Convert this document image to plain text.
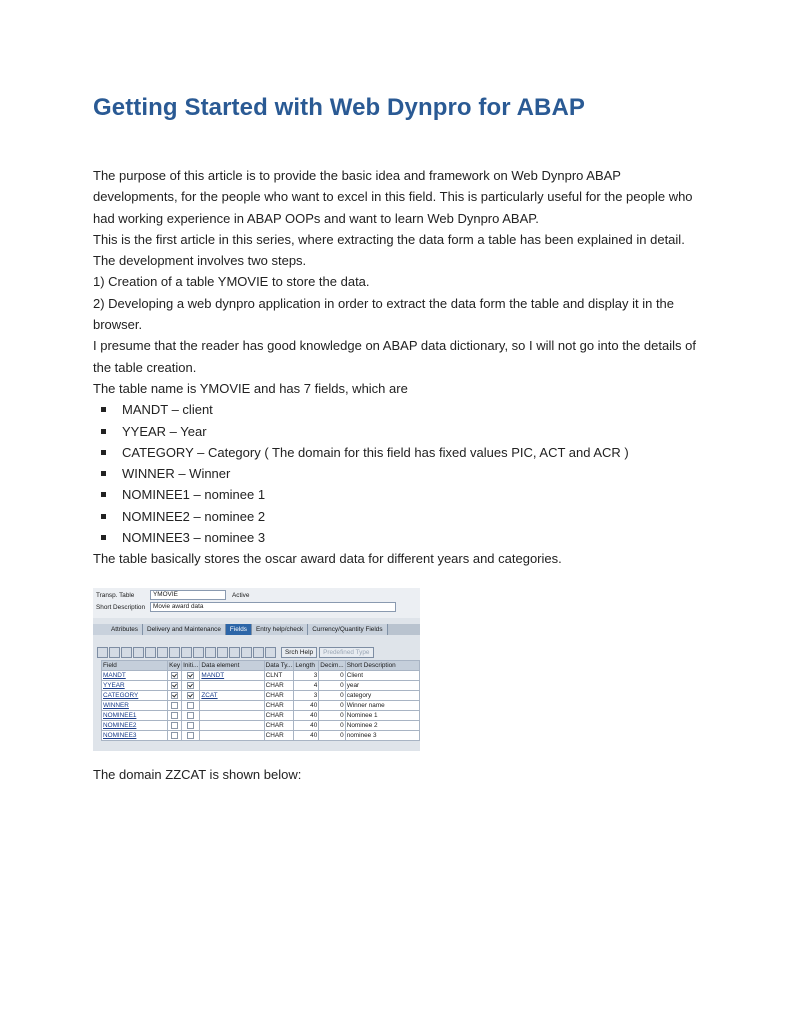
Getting Started with Web Dynpro for ABAP

The purpose of this article is to provide the basic idea and framework on Web Dynpro ABAP developments, for the people who want to excel in this field. This is particularly useful for the people who had working experience in ABAP OOPs and want to learn Web Dynpro ABAP.

This is the first article in this series, where extracting the data form a table has been explained in detail.

The development involves two steps.

1) Creation of a table YMOVIE to store the data.

2) Developing a web dynpro application in order to extract the data form the table and display it in the browser.

I presume that the reader has good knowledge on ABAP data dictionary, so I will not go into the details of the table creation.

The table name is YMOVIE and has 7 fields, which are

MANDT – client
YYEAR – Year
CATEGORY – Category ( The domain for this field has fixed values PIC, ACT and ACR )
WINNER – Winner
NOMINEE1 – nominee 1
NOMINEE2 – nominee 2
NOMINEE3 – nominee 3

The table basically stores the oscar award data for different years and categories.

Transp. Table	YMOVIE	Active
Short Description	Movie award data
Attributes	Delivery and Maintenance	Fields	Entry help/check	Currency/Quantity Fields
Srch Help	Predefined Type
Field	Key	Initi...	Data element	Data Ty...	Length	Decim...	Short Description
MANDT			MANDT	CLNT	3	0	Client
YYEAR				CHAR	4	0	year
CATEGORY			ZCAT	CHAR	3	0	category
WINNER				CHAR	40	0	Winner name
NOMINEE1				CHAR	40	0	Nominee 1
NOMINEE2				CHAR	40	0	Nominee 2
NOMINEE3				CHAR	40	0	nominee 3
The domain ZZCAT is shown below:
